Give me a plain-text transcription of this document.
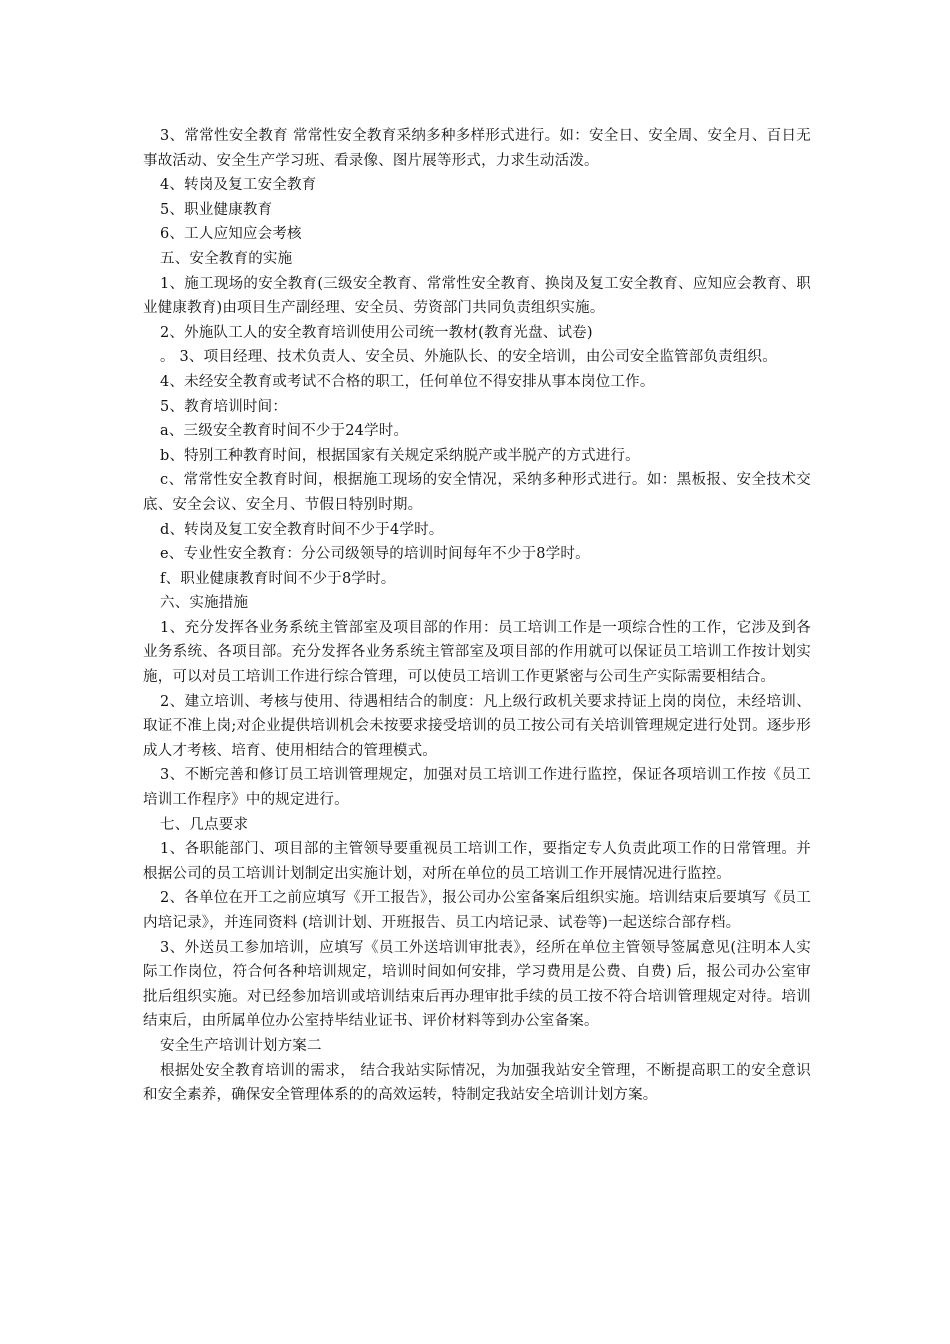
3、常常性安全教育 常常性安全教育采纳多种多样形式进行。如：安全日、安全周、安全月、百日无事故活动、安全生产学习班、看录像、图片展等形式，力求生动活泼。

4、转岗及复工安全教育

5、职业健康教育

6、工人应知应会考核

五、安全教育的实施

1、施工现场的安全教育(三级安全教育、常常性安全教育、换岗及复工安全教育、应知应会教育、职业健康教育)由项目生产副经理、安全员、劳资部门共同负责组织实施。

2、外施队工人的安全教育培训使用公司统一教材(教育光盘、试卷)

。 3、项目经理、技术负责人、安全员、外施队长、的安全培训，由公司安全监管部负责组织。

4、未经安全教育或考试不合格的职工，任何单位不得安排从事本岗位工作。

5、教育培训时间：

a、三级安全教育时间不少于24学时。

b、特别工种教育时间，根据国家有关规定采纳脱产或半脱产的方式进行。

c、常常性安全教育时间，根据施工现场的安全情况，采纳多种形式进行。如：黑板报、安全技术交底、安全会议、安全月、节假日特别时期。

d、转岗及复工安全教育时间不少于4学时。

e、专业性安全教育：分公司级领导的培训时间每年不少于8学时。

f、职业健康教育时间不少于8学时。

六、实施措施

1、充分发挥各业务系统主管部室及项目部的作用：员工培训工作是一项综合性的工作，它涉及到各业务系统、各项目部。充分发挥各业务系统主管部室及项目部的作用就可以保证员工培训工作按计划实施，可以对员工培训工作进行综合管理，可以使员工培训工作更紧密与公司生产实际需要相结合。

2、建立培训、考核与使用、待遇相结合的制度：凡上级行政机关要求持证上岗的岗位，未经培训、取证不准上岗;对企业提供培训机会未按要求接受培训的员工按公司有关培训管理规定进行处罚。逐步形成人才考核、培育、使用相结合的管理模式。

3、不断完善和修订员工培训管理规定，加强对员工培训工作进行监控，保证各项培训工作按《员工培训工作程序》中的规定进行。

七、几点要求

1、各职能部门、项目部的主管领导要重视员工培训工作，要指定专人负责此项工作的日常管理。并根据公司的员工培训计划制定出实施计划，对所在单位的员工培训工作开展情况进行监控。

2、各单位在开工之前应填写《开工报告》，报公司办公室备案后组织实施。培训结束后要填写《员工内培记录》，并连同资料 (培训计划、开班报告、员工内培记录、试卷等)一起送综合部存档。

3、外送员工参加培训，应填写《员工外送培训审批表》，经所在单位主管领导签属意见(注明本人实际工作岗位，符合何各种培训规定，培训时间如何安排，学习费用是公费、自费) 后，报公司办公室审批后组织实施。对已经参加培训或培训结束后再办理审批手续的员工按不符合培训管理规定对待。培训结束后，由所属单位办公室持毕结业证书、评价材料等到办公室备案。

安全生产培训计划方案二

根据处安全教育培训的需求， 结合我站实际情况，为加强我站安全管理，不断提高职工的安全意识和安全素养，确保安全管理体系的的高效运转，特制定我站安全培训计划方案。
